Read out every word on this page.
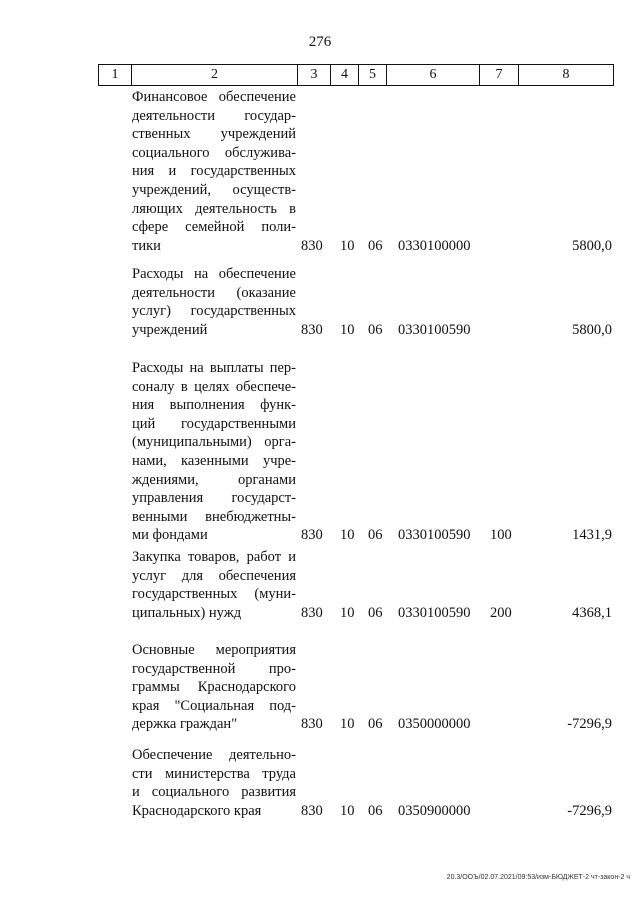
276
1	2	3	4	5	6	7	8
Финансовое обеспечение
деятельности государ-
ственных учреждений
социального обслужива-
ния и государственных
учреждений, осуществ-
ляющих деятельность в
сфере семейной поли-
тики	830 10 06 0330100000	5800,0
Расходы на обеспечение
деятельности (оказание
услуг) государственных
учреждений	830 10 06 0330100590	5800,0
Расходы на выплаты пер-
соналу в целях обеспече-
ния выполнения функ-
ций государственными
(муниципальными) орга-
нами, казенными учре-
ждениями, органами
управления государст-
венными внебюджетны-
ми фондами	830 10 06 0330100590 100	1431,9
Закупка товаров, работ и
услуг для обеспечения
государственных (муни-
ципальных) нужд	830 10 06 0330100590 200	4368,1
Основные мероприятия
государственной про-
граммы Краснодарского
края "Социальная под-
держка граждан"	830 10 06 0350000000	-7296,9
Обеспечение деятельно-
сти министерства труда
и социального развития
Краснодарского края	830 10 06 0350900000	-7296,9
20.3/ООЪ/02.07.2021/09:53/изм-БЮДЖЕТ-2 чт-закон-2 ч
